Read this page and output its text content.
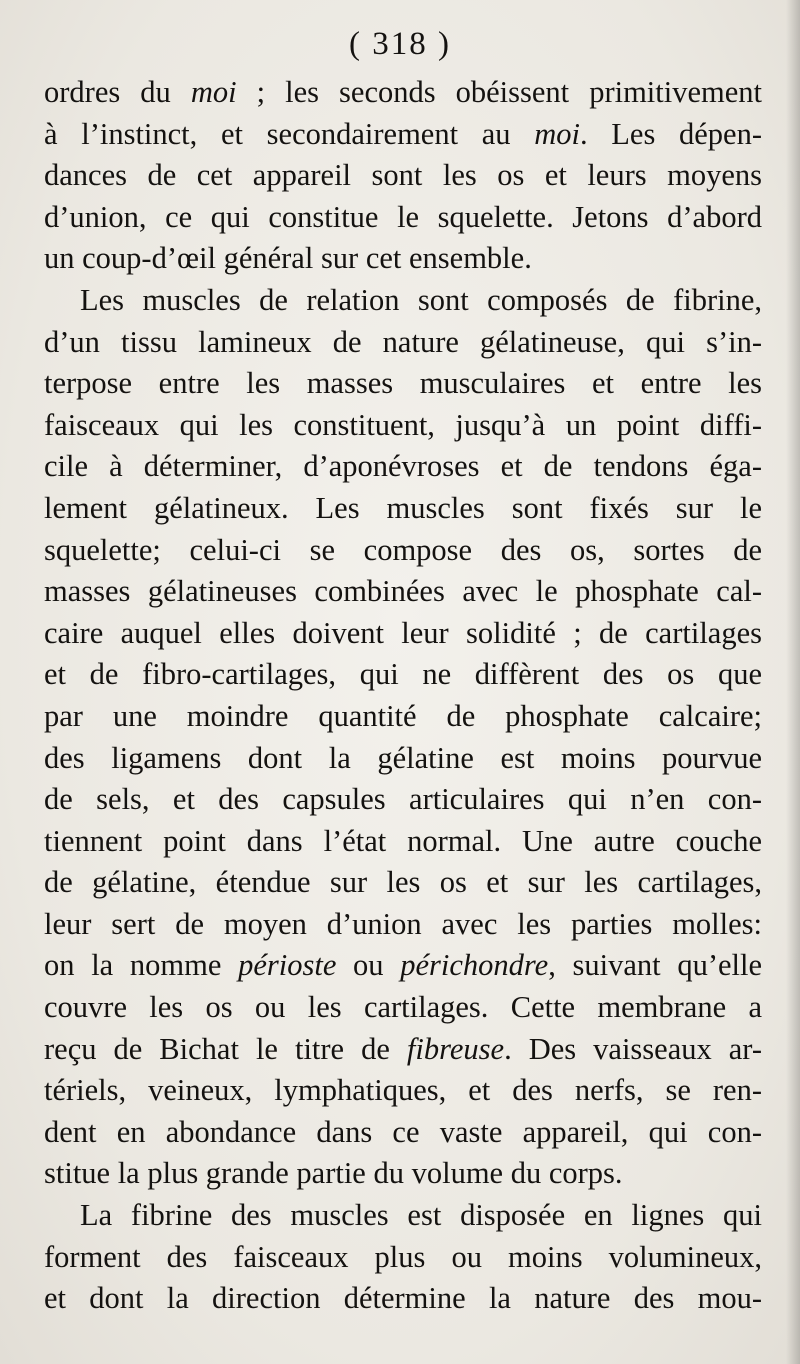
( 318 )
ordres du moi ; les seconds obéissent primitivement
à l’instinct, et secondairement au moi. Les dépen-
dances de cet appareil sont les os et leurs moyens
d’union, ce qui constitue le squelette. Jetons d’abord
un coup-d’œil général sur cet ensemble.
Les muscles de relation sont composés de fibrine,
d’un tissu lamineux de nature gélatineuse, qui s’in-
terpose entre les masses musculaires et entre les
faisceaux qui les constituent, jusqu’à un point diffi-
cile à déterminer, d’aponévroses et de tendons éga-
lement gélatineux. Les muscles sont fixés sur le
squelette; celui-ci se compose des os, sortes de
masses gélatineuses combinées avec le phosphate cal-
caire auquel elles doivent leur solidité ; de cartilages
et de fibro-cartilages, qui ne diffèrent des os que
par une moindre quantité de phosphate calcaire;
des ligamens dont la gélatine est moins pourvue
de sels, et des capsules articulaires qui n’en con-
tiennent point dans l’état normal. Une autre couche
de gélatine, étendue sur les os et sur les cartilages,
leur sert de moyen d’union avec les parties molles:
on la nomme périoste ou périchondre, suivant qu’elle
couvre les os ou les cartilages. Cette membrane a
reçu de Bichat le titre de fibreuse. Des vaisseaux ar-
tériels, veineux, lymphatiques, et des nerfs, se ren-
dent en abondance dans ce vaste appareil, qui con-
stitue la plus grande partie du volume du corps.
La fibrine des muscles est disposée en lignes qui
forment des faisceaux plus ou moins volumineux,
et dont la direction détermine la nature des mou-
